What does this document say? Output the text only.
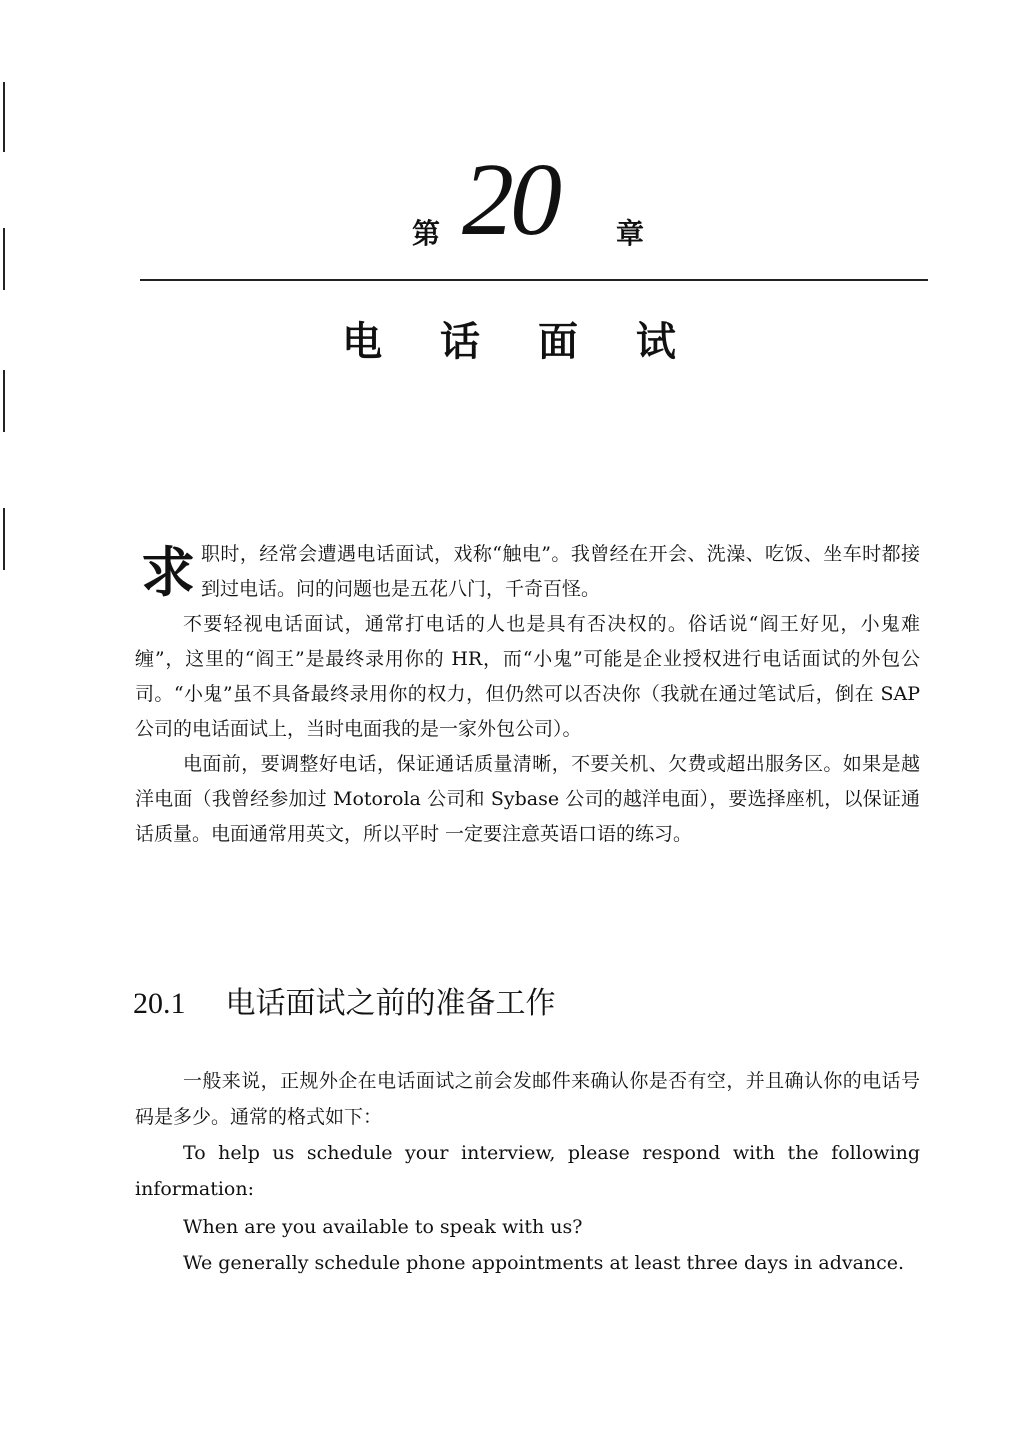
第 20 章
电 话 面 试
求 职时，经常会遭遇电话面试，戏称“触电”。我曾经在开会、洗澡、吃饭、坐车时都接到过电话。问的问题也是五花八门，千奇百怪。

不要轻视电话面试，通常打电话的人也是具有否决权的。俗话说“阎王好见，小鬼难缠”，这里的“阎王”是最终录用你的 HR，而“小鬼”可能是企业授权进行电话面试的外包公司。“小鬼”虽不具备最终录用你的权力，但仍然可以否决你（我就在通过笔试后，倒在 SAP 公司的电话面试上，当时电面我的是一家外包公司）。

电面前，要调整好电话，保证通话质量清晰，不要关机、欠费或超出服务区。如果是越洋电面（我曾经参加过 Motorola 公司和 Sybase 公司的越洋电面），要选择座机，以保证通话质量。电面通常用英文，所以平时 一定要注意英语口语的练习。

20.1 电话面试之前的准备工作

一般来说，正规外企在电话面试之前会发邮件来确认你是否有空，并且确认你的电话号码是多少。通常的格式如下：

To help us schedule your interview, please respond with the following information:

When are you available to speak with us?

We generally schedule phone appointments at least three days in advance.
